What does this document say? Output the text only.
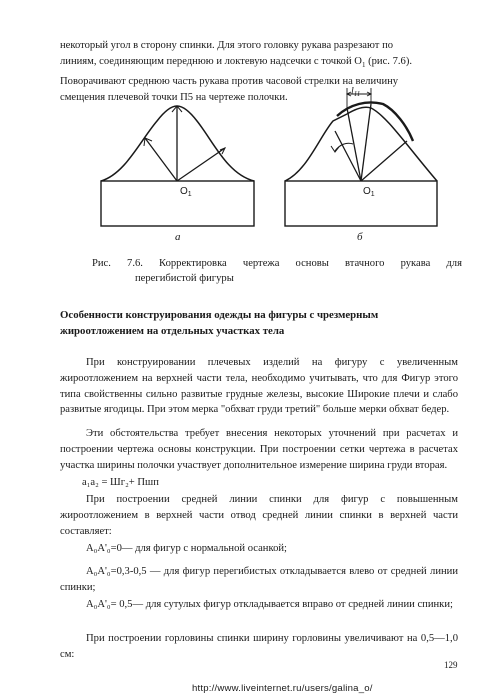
некоторый угол в сторону спинки. Для этого головку рукава разрезают по
линиям, соединяющим переднюю и локтевую надсечки с точкой $О_1$ (рис. 7.6).
Поворачивают среднюю часть рукава против часовой стрелки на величину
смещения плечевой точки П5 на чертеже полочки.

$O_1$	$O_1$
$l_{11}$
а	б
Рис. 7.6. Корректировка чертежа основы втачного рукава для
перегибистой фигуры
Особенности конструирования одежды на фигуры с чрезмерным
жироотложением на отдельных участках тела

При конструировании плечевых изделий на фигуру с увеличенным жироотложением на верхней части тела, необходимо учитывать, что для Фигур этого типа свойственны сильно развитые грудные железы, высокие Широкие плечи и слабо развитые ягодицы. При этом мерка "обхват груди третий" больше мерки обхват бедер.

Эти обстоятельства требует внесения некоторых уточнений при расчетах и построении чертежа основы конструкции. При построении сетки чертежа в расчетах участка ширины полочки участвует дополнительное измерение ширина груди вторая.

а₁а₂ = Шг₂+ Пшп

При построении средней линии спинки для фигур с повышенным жироотложением в верхней части отвод средней линии спинки в верхней части составляет:

А₀А'₀=0— для фигур с нормальной осанкой;

А₀А'₀=0,3-0,5 — для фигур перегибистых откладывается влево от средней линии спинки;

А₀А'₀= 0,5— для сутулых фигур откладывается вправо от средней линии спинки;

При построении горловины спинки ширину горловины увеличивают на 0,5—1,0 см:

129
http://www.liveinternet.ru/users/galina_o/
